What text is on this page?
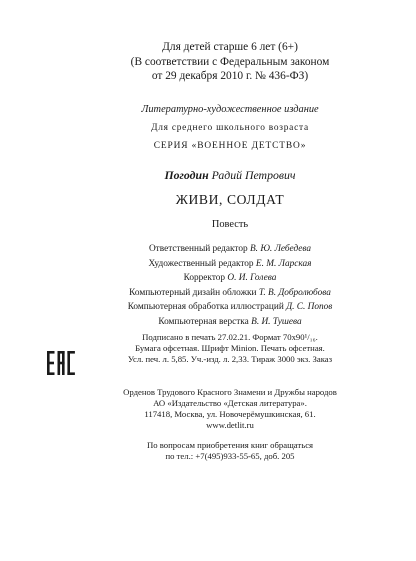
Для детей старше 6 лет (6+)
(В соответствии с Федеральным законом
от 29 декабря 2010 г. № 436-ФЗ)
Литературно-художественное издание
Для среднего школьного возраста
СЕРИЯ «ВОЕННОЕ ДЕТСТВО»
Погодин Радий Петрович
ЖИВИ, СОЛДАТ
Повесть
Ответственный редактор В. Ю. Лебедева
Художественный редактор Е. М. Ларская
Корректор О. И. Голева
Компьютерный дизайн обложки Т. В. Добролюбова
Компьютерная обработка иллюстраций Д. С. Попов
Компьютерная верстка В. И. Тушева
Подписано в печать 27.02.21. Формат 70x90¹/₁₆.
Бумага офсетная. Шрифт Minion. Печать офсетная.
Усл. печ. л. 5,85. Уч.-изд. л. 2,33. Тираж 3000 экз. Заказ
Орденов Трудового Красного Знамени и Дружбы народов
АО «Издательство «Детская литература».
117418, Москва, ул. Новочерёмушкинская, 61.
www.detlit.ru
По вопросам приобретения книг обращаться
по тел.: +7(495)933-55-65, доб. 205
